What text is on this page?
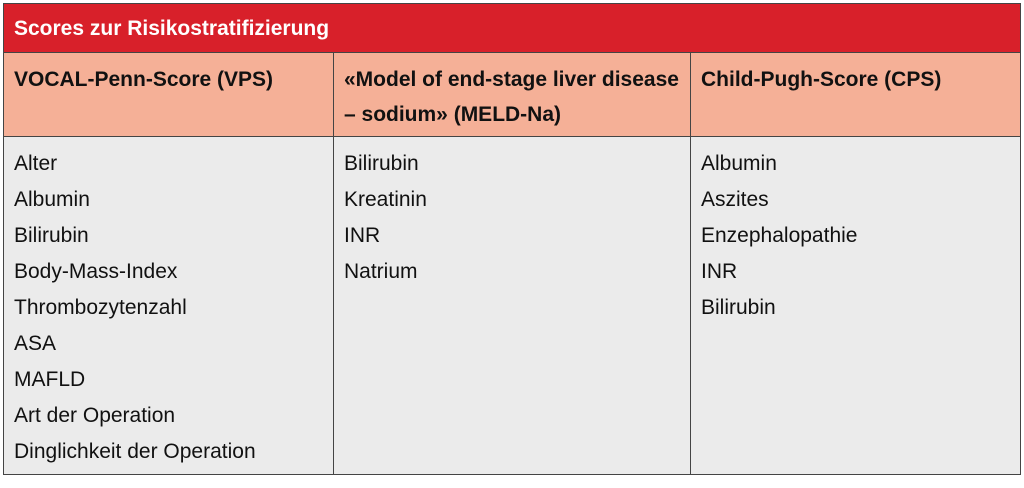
Scores zur Risikostratifizierung
VOCAL-Penn-Score (VPS)	«Model of end-stage liver disease – sodium» (MELD-Na)
Child-Pugh-Score (CPS)
Alter
Albumin
Bilirubin
Body-Mass-Index
Thrombozytenzahl
ASA
MAFLD
Art der Operation
Dinglichkeit der Operation
Bilirubin
Kreatinin
INR
Natrium
Albumin
Aszites
Enzephalopathie
INR
Bilirubin
